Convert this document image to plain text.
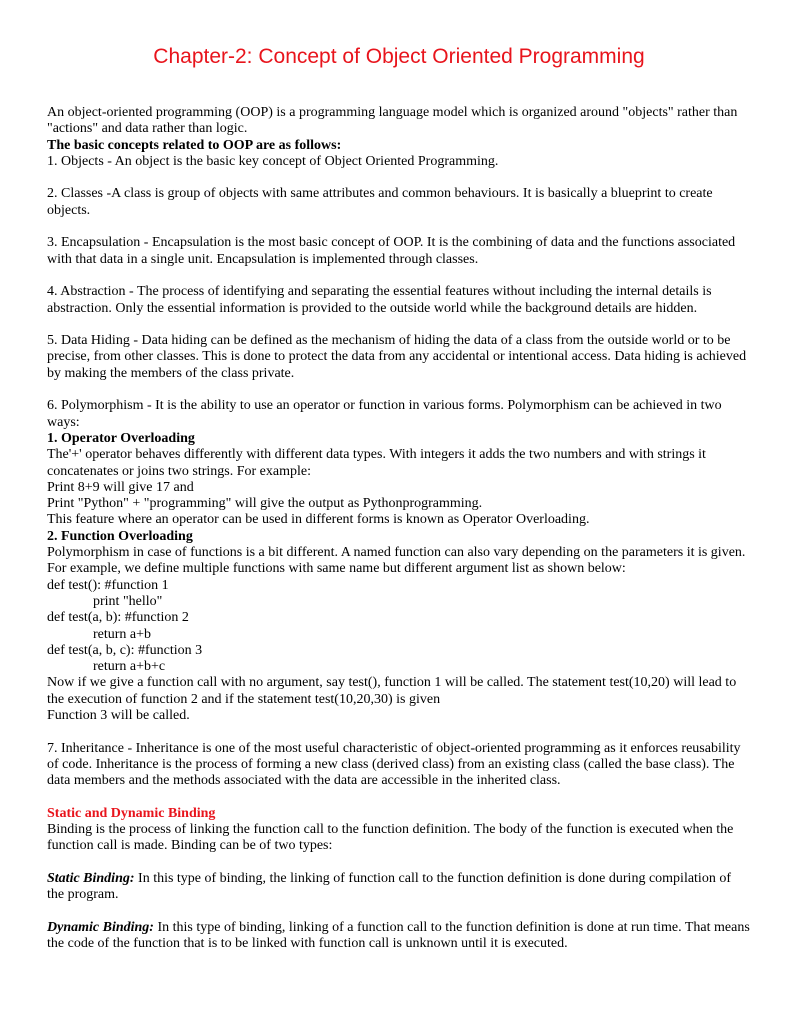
Chapter-2: Concept of Object Oriented Programming

An object-oriented programming (OOP) is a programming language model which is organized around "objects" rather than "actions" and data rather than logic.

The basic concepts related to OOP are as follows:

1. Objects - An object is the basic key concept of Object Oriented Programming.

2. Classes -A class is group of objects with same attributes and common behaviours. It is basically a blueprint to create objects.

3. Encapsulation - Encapsulation is the most basic concept of OOP. It is the combining of data and the functions associated with that data in a single unit. Encapsulation is implemented through classes.

4. Abstraction - The process of identifying and separating the essential features without including the internal details is abstraction. Only the essential information is provided to the outside world while the background details are hidden.

5. Data Hiding - Data hiding can be defined as the mechanism of hiding the data of a class from the outside world or to be precise, from other classes. This is done to protect the data from any accidental or intentional access. Data hiding is achieved by making the members of the class private.

6. Polymorphism - It is the ability to use an operator or function in various forms. Polymorphism can be achieved in two ways:

1. Operator Overloading

The'+' operator behaves differently with different data types. With integers it adds the two numbers and with strings it concatenates or joins two strings. For example:

Print 8+9 will give 17 and

Print "Python" + "programming" will give the output as Pythonprogramming.

This feature where an operator can be used in different forms is known as Operator Overloading.

2. Function Overloading

Polymorphism in case of functions is a bit different. A named function can also vary depending on the parameters it is given. For example, we define multiple functions with same name but different argument list as shown below:

def test(): #function 1

print "hello"

def test(a, b): #function 2

return a+b

def test(a, b, c): #function 3

return a+b+c

Now if we give a function call with no argument, say test(), function 1 will be called. The statement test(10,20) will lead to the execution of function 2 and if the statement test(10,20,30) is given

Function 3 will be called.

7. Inheritance - Inheritance is one of the most useful characteristic of object-oriented programming as it enforces reusability of code. Inheritance is the process of forming a new class (derived class) from an existing class (called the base class). The data members and the methods associated with the data are accessible in the inherited class.

Static and Dynamic Binding

Binding is the process of linking the function call to the function definition. The body of the function is executed when the function call is made. Binding can be of two types:

Static Binding: In this type of binding, the linking of function call to the function definition is done during compilation of the program.

Dynamic Binding: In this type of binding, linking of a function call to the function definition is done at run time. That means the code of the function that is to be linked with function call is unknown until it is executed.
